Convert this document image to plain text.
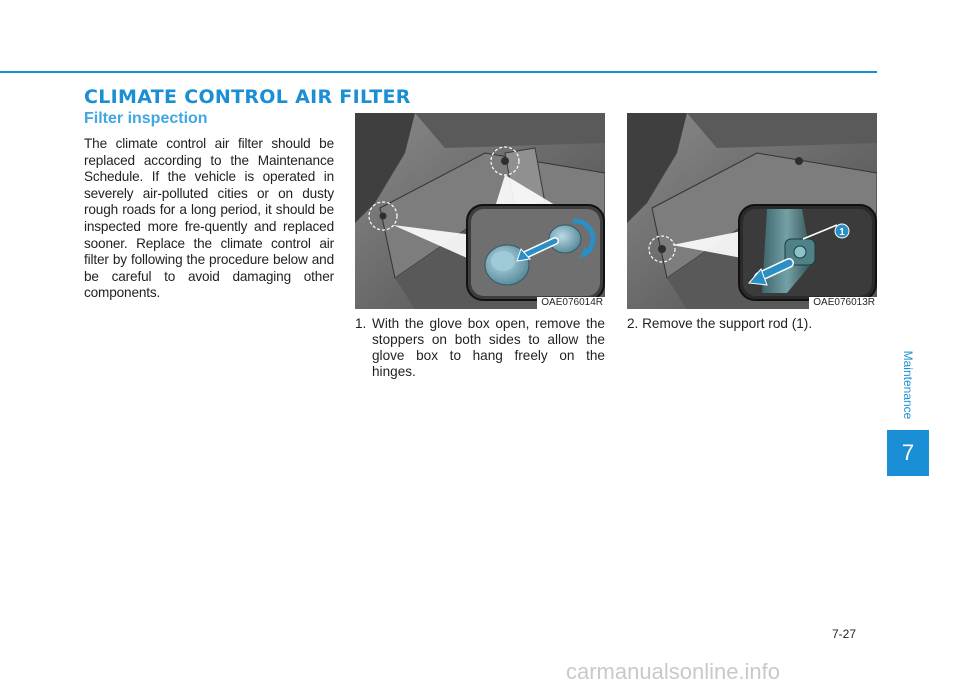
CLIMATE CONTROL AIR FILTER
Filter inspection
The climate control air filter should be replaced according to the Maintenance Schedule. If the vehicle is operated in severely air-polluted cities or on dusty rough roads for a long period, it should be inspected more fre-quently and replaced sooner. Replace the climate control air filter by following the procedure below and be careful to avoid damaging other components.
OAE076014R
1
OAE076013R
1. With the glove box open, remove the stoppers on both sides to allow the glove box to hang freely on the hinges.
2. Remove the support rod (1).
Maintenance
7
7-27
carmanualsonline.info
